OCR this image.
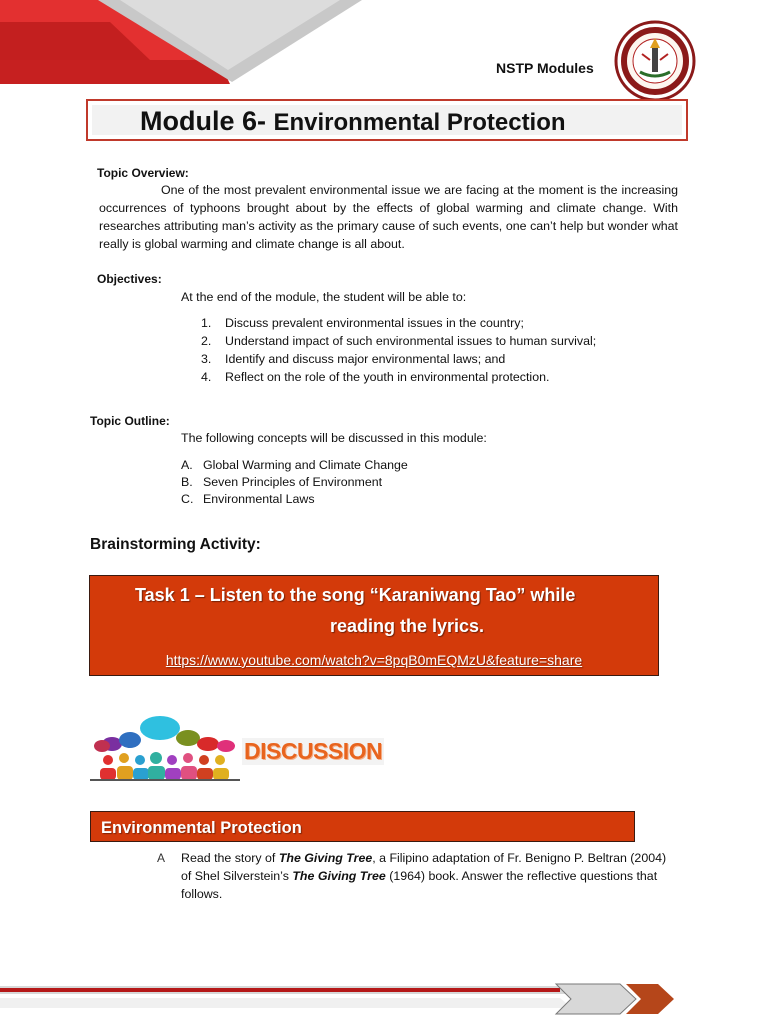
NSTP Modules
Module 6- Environmental Protection
Topic Overview:
One of the most prevalent environmental issue we are facing at the moment is the increasing occurrences of typhoons brought about by the effects of global warming and climate change. With researches attributing man’s activity as the primary cause of such events, one can’t help but wonder what really is global warming and climate change is all about.
Objectives:
At the end of the module, the student will be able to:
1. Discuss prevalent environmental issues in the country;
2. Understand impact of such environmental issues to human survival;
3. Identify and discuss major environmental laws; and
4. Reflect on the role of the youth in environmental protection.
Topic Outline:
The following concepts will be discussed in this module:
A. Global Warming and Climate Change
B. Seven Principles of Environment
C. Environmental Laws
Brainstorming Activity:
Task 1 – Listen to the song “Karaniwang Tao” while
reading the lyrics.
https://www.youtube.com/watch?v=8pqB0mEQMzU&feature=share
DISCUSSION
Environmental Protection
A Read the story of The Giving Tree, a Filipino adaptation of Fr. Benigno P. Beltran (2004) of Shel Silverstein’s The Giving Tree (1964) book. Answer the reflective questions that follows.
